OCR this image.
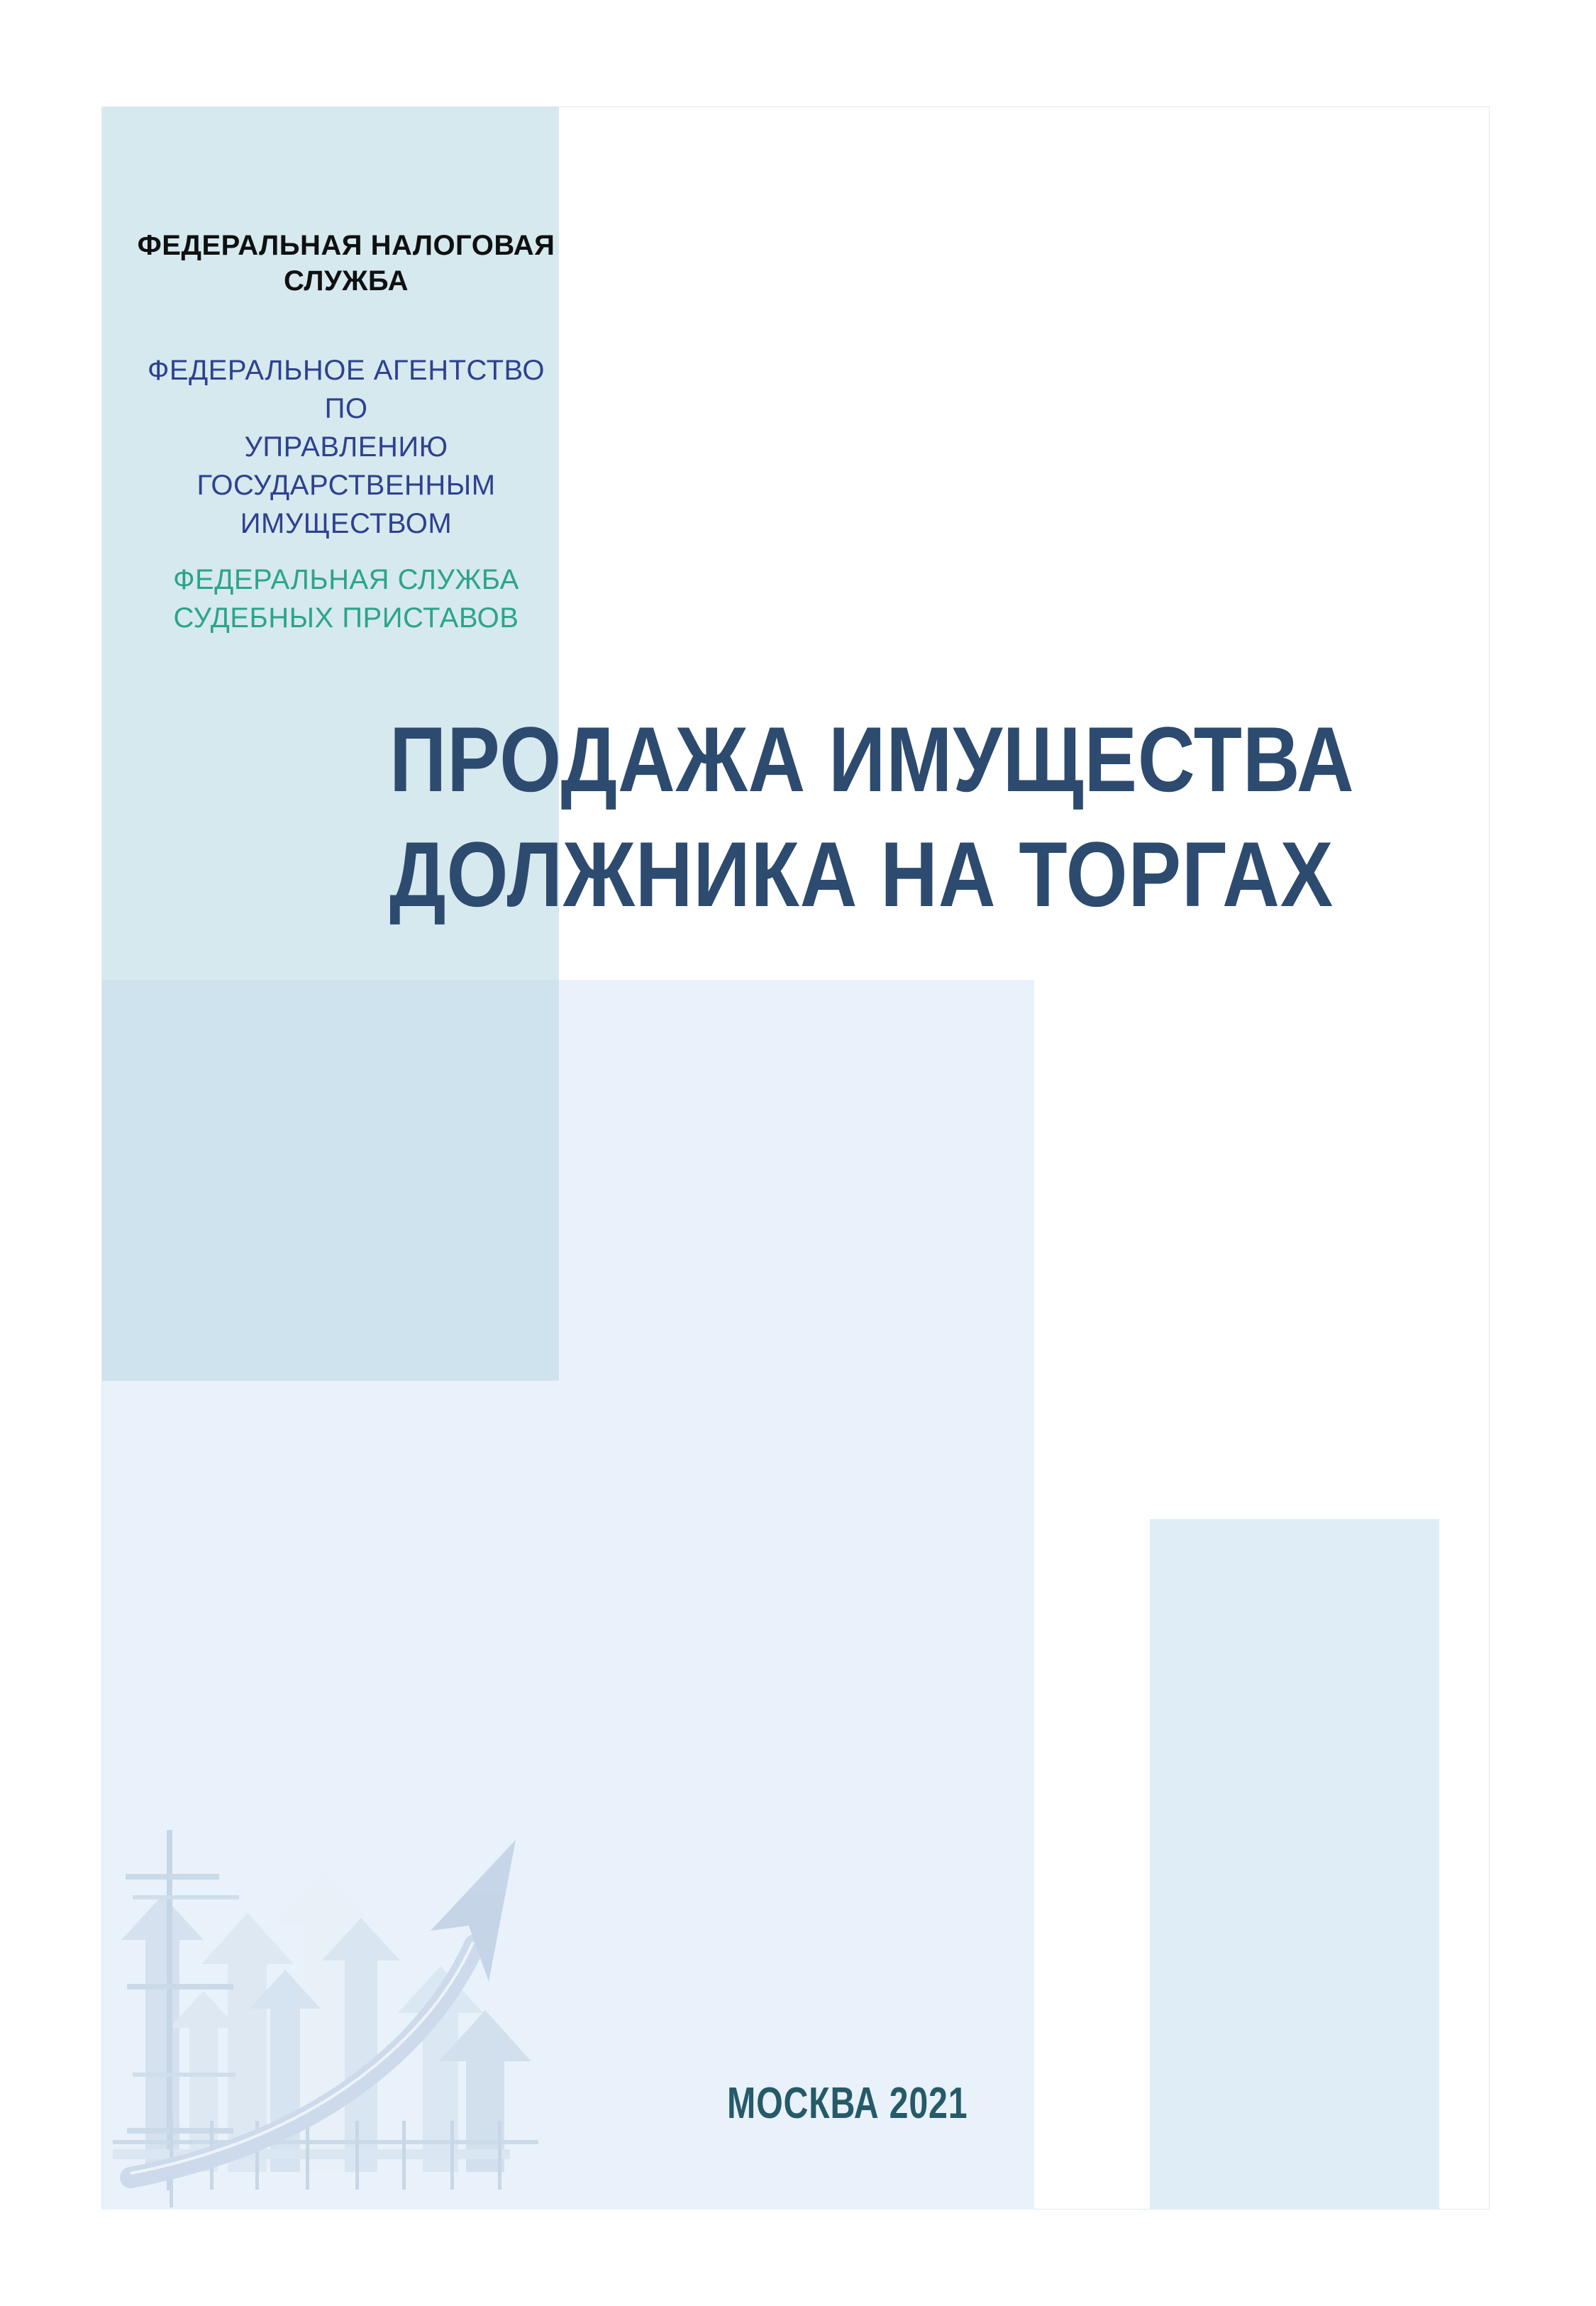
ФЕДЕРАЛЬНАЯ НАЛОГОВАЯ
СЛУЖБА
ФЕДЕРАЛЬНОЕ АГЕНТСТВО ПО
УПРАВЛЕНИЮ
ГОСУДАРСТВЕННЫМ
ИМУЩЕСТВОМ
ФЕДЕРАЛЬНАЯ СЛУЖБА
СУДЕБНЫХ ПРИСТАВОВ
ПРОДАЖА ИМУЩЕСТВА
ДОЛЖНИКА НА ТОРГАХ
МОСКВА 2021
